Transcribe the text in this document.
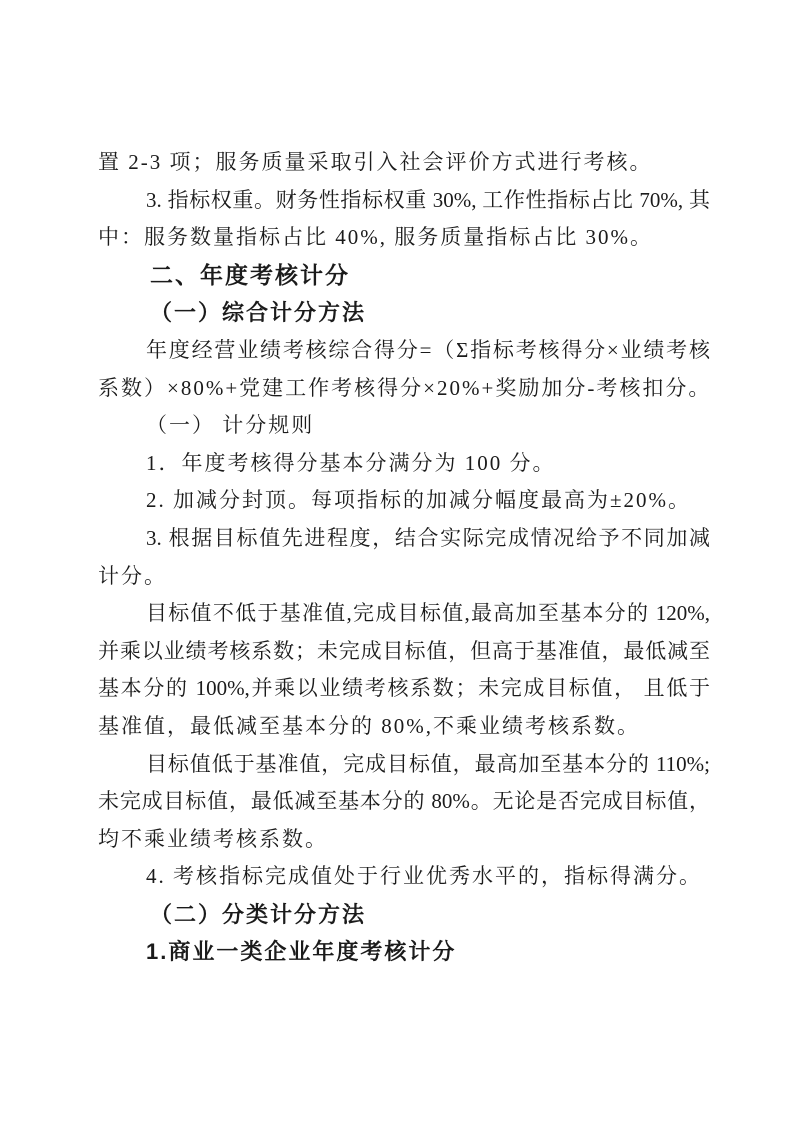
置 2-3 项；服务质量采取引入社会评价方式进行考核。
3. 指标权重。财务性指标权重 30%, 工作性指标占比 70%, 其
中：服务数量指标占比 40%, 服务质量指标占比 30%。
二、年度考核计分
（一）综合计分方法
年度经营业绩考核综合得分=（Σ指标考核得分×业绩考核
系数）×80%+党建工作考核得分×20%+奖励加分-考核扣分。
（一） 计分规则
1．年度考核得分基本分满分为 100 分。
2. 加减分封顶。每项指标的加减分幅度最高为±20%。
3. 根据目标值先进程度，结合实际完成情况给予不同加减
计分。
目标值不低于基准值,完成目标值,最高加至基本分的 120%,
并乘以业绩考核系数；未完成目标值，但高于基准值，最低减至
基本分的 100%,并乘以业绩考核系数；未完成目标值， 且低于
基准值，最低减至基本分的 80%,不乘业绩考核系数。
目标值低于基准值，完成目标值，最高加至基本分的 110%;
未完成目标值，最低减至基本分的 80%。无论是否完成目标值，
均不乘业绩考核系数。
4. 考核指标完成值处于行业优秀水平的，指标得满分。
（二）分类计分方法
1.商业一类企业年度考核计分
